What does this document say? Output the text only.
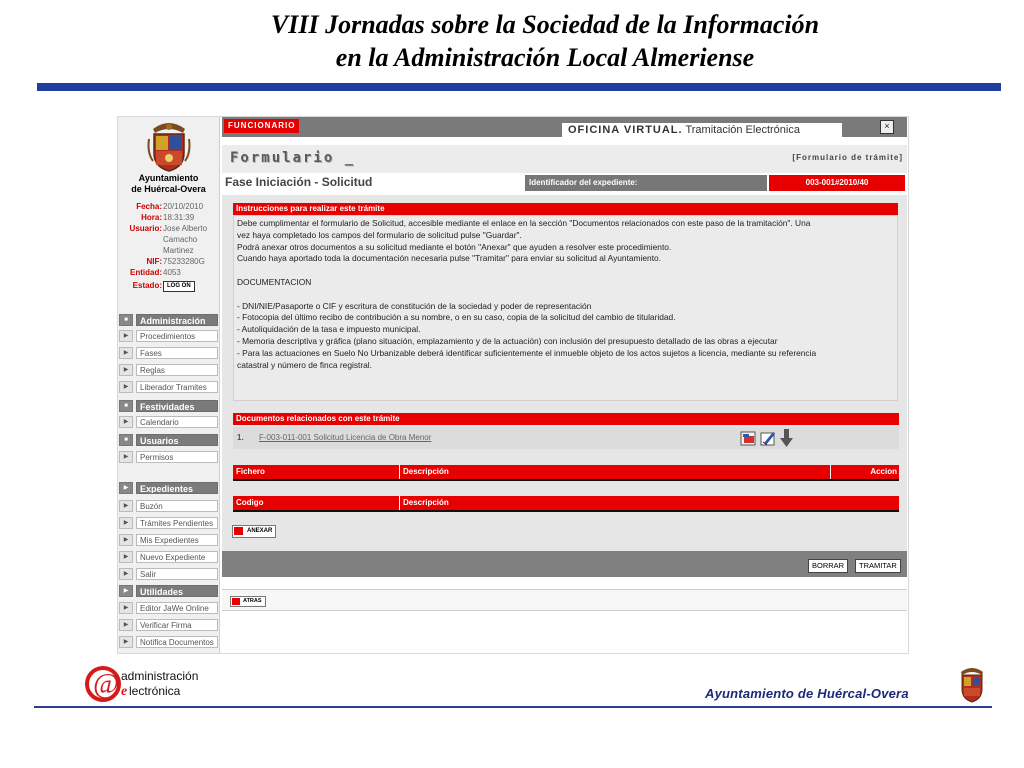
VIII Jornadas sobre la Sociedad de la Información
en la Administración Local Almeriense
Ayuntamiento
de Huércal-Overa
Fecha: 20/10/2010
Hora: 18:31:39
Usuario: Jose Alberto
Camacho
Martinez
NIF: 75233280G
Entidad: 4053
Estado: LOG ON
■	Administración
▶	Procedimientos
▶	Fases
▶	Reglas
▶	Liberador Tramites
■	Festividades
▶	Calendario
■	Usuarios
▶	Permisos
▶	Expedientes
▶	Buzón
▶	Trámites Pendientes
▶	Mis Expedientes
▶	Nuevo Expediente
▶	Salir
▶	Utilidades
▶	Editor JaWe Online
▶	Verificar Firma
▶	Notifica Documentos
FUNCIONARIO	OFICINA VIRTUAL. Tramitación Electrónica	×
Formulario _	[Formulario de trámite]
Fase Iniciación - Solicitud	Identificador del expediente:	003-001#2010/40
Instrucciones para realizar este trámite
Debe cumplimentar el formulario de Solicitud, accesible mediante el enlace en la sección "Documentos relacionados con este paso de la tramitación". Una
vez haya completado los campos del formulario de solicitud pulse "Guardar".
Podrá anexar otros documentos a su solicitud mediante el botón "Anexar" que ayuden a resolver este procedimiento.
Cuando haya aportado toda la documentación necesaria pulse "Tramitar" para enviar su solicitud al Ayuntamiento.

DOCUMENTACION

- DNI/NIE/Pasaporte o CIF y escritura de constitución de la sociedad y poder de representación
- Fotocopia del último recibo de contribución a su nombre, o en su caso, copia de la solicitud del cambio de titularidad.
- Autoliquidación de la tasa e impuesto municipal.
- Memoria descriptiva y gráfica (plano situación, emplazamiento y de la actuación) con inclusión del presupuesto detallado de las obras a ejecutar
- Para las actuaciones en Suelo No Urbanizable deberá identificar suficientemente el inmueble objeto de los actos sujetos a licencia, mediante su referencia
catastral y número de finca registral.
Documentos relacionados con este trámite
1. F-003-011-001 Solicitud Licencia de Obra Menor
Fichero	Descripción	Accion
Codigo	Descripción
ANEXAR
BORRAR	TRAMITAR
ATRAS
@ administración
e lectrónica	Ayuntamiento de Huércal-Overa
